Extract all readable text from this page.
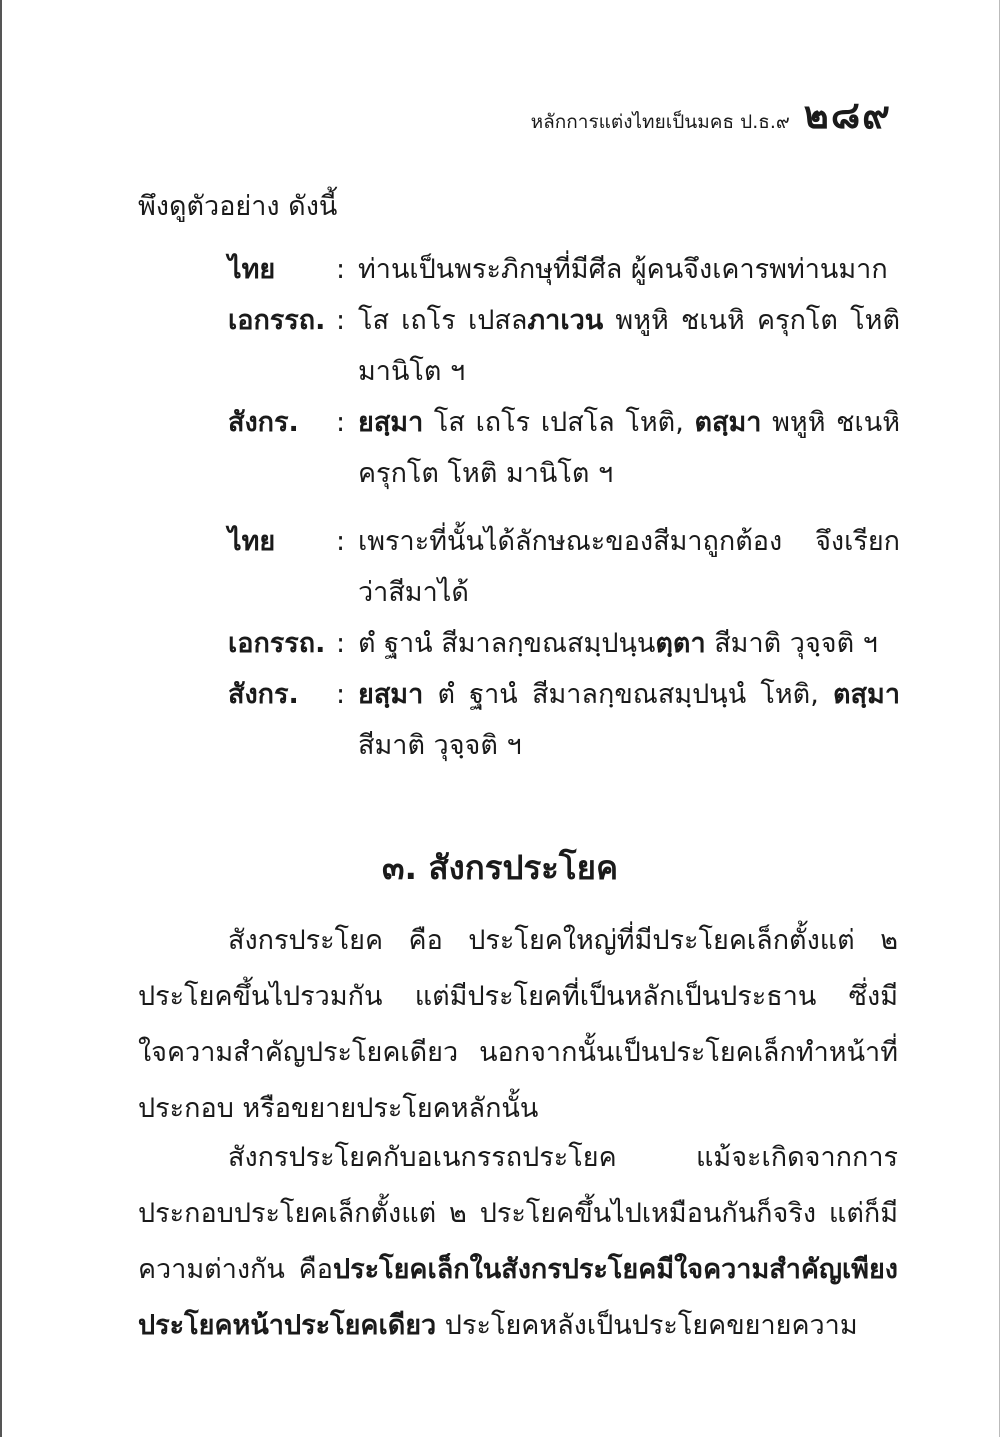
หลักการแต่งไทยเป็นมคธ ป.ธ.๙ ๒๘๙
พึงดูตัวอย่าง ดังนี้
ไทย	: ท่านเป็นพระภิกษุที่มีศีล ผู้คนจึงเคารพท่านมาก
เอกรรถ. : โส เถโร เปสลภาเวน พหูหิ ชเนหิ ครุกโต โหติ มานิโต ฯ
สังกร.	: ยสฺมา โส เถโร เปสโล โหติ, ตสฺมา พหูหิ ชเนหิ ครุกโต โหติ มานิโต ฯ
ไทย	: เพราะที่นั้นได้ลักษณะของสีมาถูกต้อง จึงเรียกว่าสีมาได้
เอกรรถ. : ตํ ฐานํ สีมาลกฺขณสมฺปนฺนตฺตา สีมาติ วุจฺจติ ฯ
สังกร.	: ยสฺมา ตํ ฐานํ สีมาลกฺขณสมฺปนฺนํ โหติ, ตสฺมา สีมาติ วุจฺจติ ฯ
๓. สังกรประโยค
สังกรประโยค คือ ประโยคใหญ่ที่มีประโยคเล็กตั้งแต่ ๒ ประโยคขึ้นไปรวมกัน แต่มีประโยคที่เป็นหลักเป็นประธาน ซึ่งมีใจความสำคัญประโยคเดียว นอกจากนั้นเป็นประโยคเล็กทำหน้าที่ประกอบ หรือขยายประโยคหลักนั้น
สังกรประโยคกับอเนกรรถประโยค แม้จะเกิดจากการประกอบประโยคเล็กตั้งแต่ ๒ ประโยคขึ้นไปเหมือนกันก็จริง แต่ก็มีความต่างกัน คือประโยคเล็กในสังกรประโยคมีใจความสำคัญเพียงประโยคหน้าประโยคเดียว ประโยคหลังเป็นประโยคขยายความ
